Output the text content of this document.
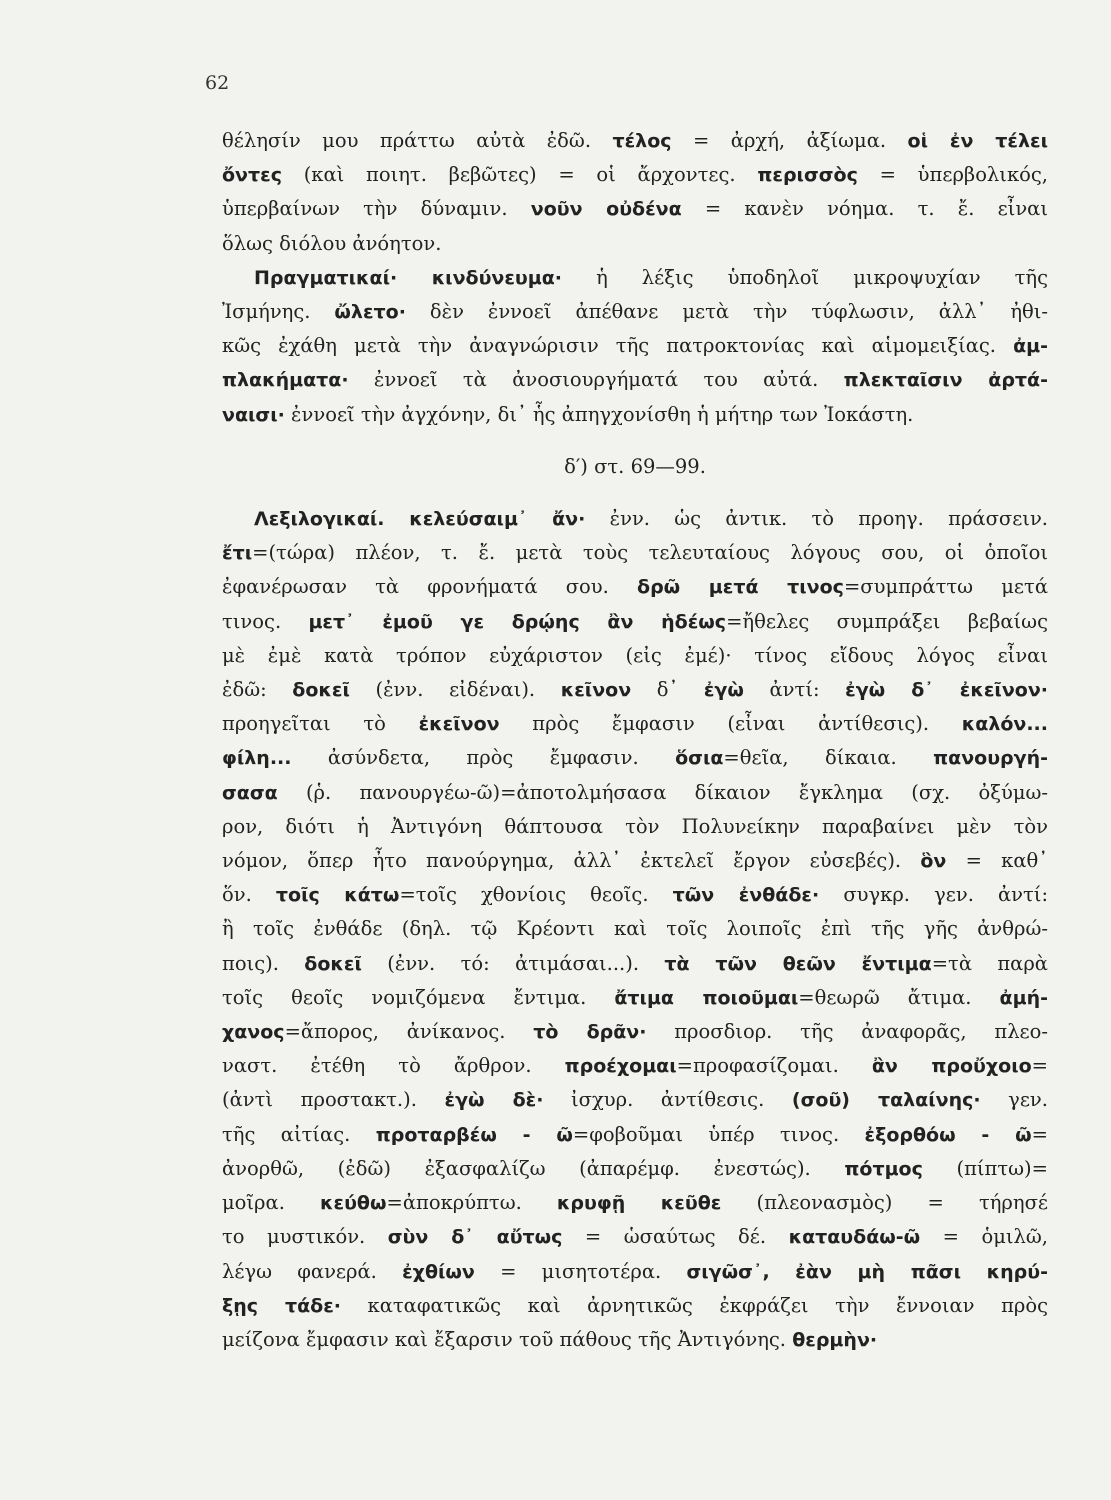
62
θέλησίν μου πράττω αὐτὰ ἐδῶ. τέλος = ἀρχή, ἀξίωμα. οἱ ἐν τέλει
ὄντες (καὶ ποιητ. βεβῶτες) = οἱ ἄρχοντες. περισσὸς = ὑπερβολικός,
ὑπερβαίνων τὴν δύναμιν. νοῦν οὐδένα = κανὲν νόημα. τ. ἔ. εἶναι
ὅλως διόλου ἀνόητον.
Πραγματικαί· κινδύνευμα· ἡ λέξις ὑποδηλοῖ μικροψυχίαν τῆς
Ἰσμήνης. ὤλετο· δὲν ἐννοεῖ ἀπέθανε μετὰ τὴν τύφλωσιν, ἀλλ᾽ ἠθι-
κῶς ἐχάθη μετὰ τὴν ἀναγνώρισιν τῆς πατροκτονίας καὶ αἱμομειξίας. ἀμ-
πλακήματα· ἐννοεῖ τὰ ἀνοσιουργήματά του αὐτά. πλεκταῖσιν ἀρτά-
ναισι· ἐννοεῖ τὴν ἀγχόνην, δι᾽ ἧς ἀπηγχονίσθη ἡ μήτηρ των Ἰοκάστη.
δ′) στ. 69—99.
Λεξιλογικαί. κελεύσαιμ᾽ ἄν· ἐνν. ὡς ἀντικ. τὸ προηγ. πράσσειν.
ἔτι=(τώρα) πλέον, τ. ἔ. μετὰ τοὺς τελευταίους λόγους σου, οἱ ὁποῖοι
ἐφανέρωσαν τὰ φρονήματά σου. δρῶ μετά τινος=συμπράττω μετά
τινος. μετ᾽ ἐμοῦ γε δρῴης ἂν ἡδέως=ἤθελες συμπράξει βεβαίως
μὲ ἐμὲ κατὰ τρόπον εὐχάριστον (εἰς ἐμέ)· τίνος εἴδους λόγος εἶναι
ἐδῶ: δοκεῖ (ἐνν. εἰδέναι). κεῖνον δ᾽ ἐγὼ ἀντί: ἐγὼ δ᾽ ἐκεῖνον·
προηγεῖται τὸ ἐκεῖνον πρὸς ἔμφασιν (εἶναι ἀντίθεσις). καλόν...
φίλη... ἀσύνδετα, πρὸς ἔμφασιν. ὅσια=θεῖα, δίκαια. πανουργή-
σασα (ῥ. πανουργέω-ῶ)=ἀποτολμήσασα δίκαιον ἔγκλημα (σχ. ὀξύμω-
ρον, διότι ἡ Ἀντιγόνη θάπτουσα τὸν Πολυνείκην παραβαίνει μὲν τὸν
νόμον, ὅπερ ἦτο πανούργημα, ἀλλ᾽ ἐκτελεῖ ἔργον εὐσεβές). ὃν = καθ᾽
ὅν. τοῖς κάτω=τοῖς χθονίοις θεοῖς. τῶν ἐνθάδε· συγκρ. γεν. ἀντί:
ἢ τοῖς ἐνθάδε (δηλ. τῷ Κρέοντι καὶ τοῖς λοιποῖς ἐπὶ τῆς γῆς ἀνθρώ-
ποις). δοκεῖ (ἐνν. τό: ἀτιμάσαι...). τὰ τῶν θεῶν ἔντιμα=τὰ παρὰ
τοῖς θεοῖς νομιζόμενα ἔντιμα. ἄτιμα ποιοῦμαι=θεωρῶ ἄτιμα. ἀμή-
χανος=ἄπορος, ἀνίκανος. τὸ δρᾶν· προσδιορ. τῆς ἀναφορᾶς, πλεο-
ναστ. ἐτέθη τὸ ἄρθρον. προέχομαι=προφασίζομαι. ἂν προὔχοιο=
(ἀντὶ προστακτ.). ἐγὼ δὲ· ἰσχυρ. ἀντίθεσις. (σοῦ) ταλαίνης· γεν.
τῆς αἰτίας. προταρβέω - ῶ=φοβοῦμαι ὑπέρ τινος. ἐξορθόω - ῶ=
ἀνορθῶ, (ἐδῶ) ἐξασφαλίζω (ἀπαρέμφ. ἐνεστώς). πότμος (πίπτω)=
μοῖρα. κεύθω=ἀποκρύπτω. κρυφῇ κεῦθε (πλεονασμὸς) = τήρησέ
το μυστικόν. σὺν δ᾽ αὔτως = ὡσαύτως δέ. καταυδάω-ῶ = ὁμιλῶ,
λέγω φανερά. ἐχθίων = μισητοτέρα. σιγῶσ᾽, ἐὰν μὴ πᾶσι κηρύ-
ξῃς τάδε· καταφατικῶς καὶ ἀρνητικῶς ἐκφράζει τὴν ἔννοιαν πρὸς
μείζονα ἔμφασιν καὶ ἔξαρσιν τοῦ πάθους τῆς Ἀντιγόνης. θερμὴν·
